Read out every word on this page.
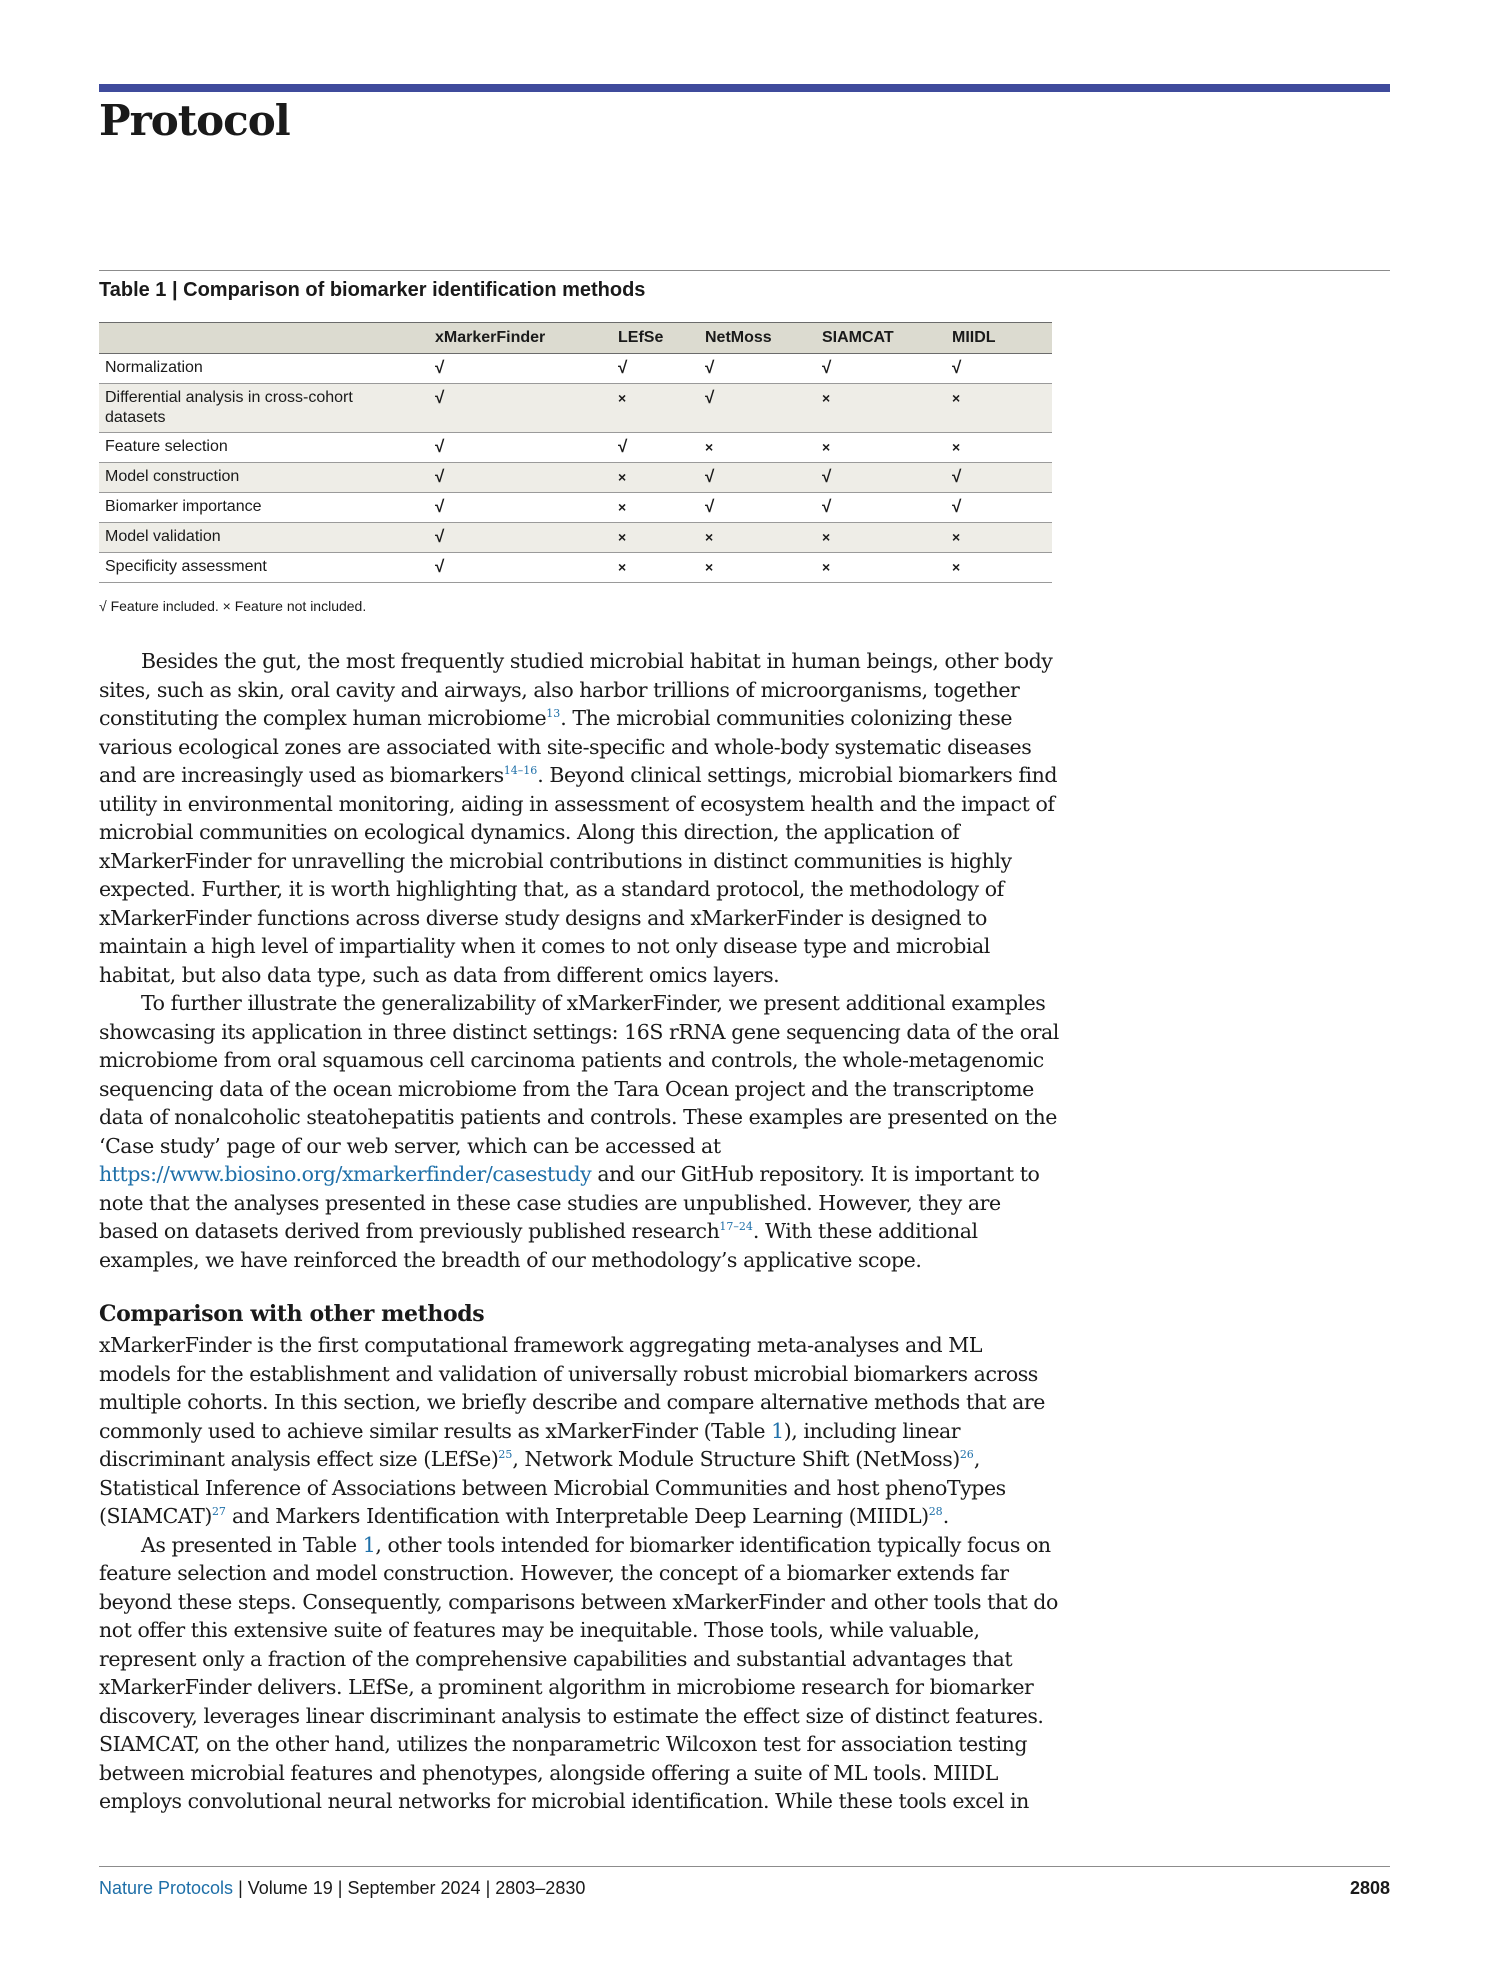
Protocol

Table 1 | Comparison of biomarker identification methods

	xMarkerFinder	LEfSe	NetMoss	SIAMCAT	MIIDL
Normalization	√	√	√	√	√
Differential analysis in cross-cohort datasets	√	×	√	×	×
Feature selection	√	√	×	×	×
Model construction	√	×	√	√	√
Biomarker importance	√	×	√	√	√
Model validation	√	×	×	×	×
Specificity assessment	√	×	×	×	×

√ Feature included. × Feature not included.

Besides the gut, the most frequently studied microbial habitat in human beings, other body sites, such as skin, oral cavity and airways, also harbor trillions of microorganisms, together constituting the complex human microbiome$^{13}$. The microbial communities colonizing these various ecological zones are associated with site-specific and whole-body systematic diseases and are increasingly used as biomarkers$^{14-16}$. Beyond clinical settings, microbial biomarkers find utility in environmental monitoring, aiding in assessment of ecosystem health and the impact of microbial communities on ecological dynamics. Along this direction, the application of xMarkerFinder for unravelling the microbial contributions in distinct communities is highly expected. Further, it is worth highlighting that, as a standard protocol, the methodology of xMarkerFinder functions across diverse study designs and xMarkerFinder is designed to maintain a high level of impartiality when it comes to not only disease type and microbial habitat, but also data type, such as data from different omics layers.

To further illustrate the generalizability of xMarkerFinder, we present additional examples showcasing its application in three distinct settings: 16S rRNA gene sequencing data of the oral microbiome from oral squamous cell carcinoma patients and controls, the whole-metagenomic sequencing data of the ocean microbiome from the Tara Ocean project and the transcriptome data of nonalcoholic steatohepatitis patients and controls. These examples are presented on the ‘Case study’ page of our web server, which can be accessed at https://www.biosino.org/xmarkerfinder/casestudy and our GitHub repository. It is important to note that the analyses presented in these case studies are unpublished. However, they are based on datasets derived from previously published research$^{17-24}$. With these additional examples, we have reinforced the breadth of our methodology’s applicative scope.

Comparison with other methods

xMarkerFinder is the first computational framework aggregating meta-analyses and ML models for the establishment and validation of universally robust microbial biomarkers across multiple cohorts. In this section, we briefly describe and compare alternative methods that are commonly used to achieve similar results as xMarkerFinder (Table 1), including linear discriminant analysis effect size (LEfSe)$^{25}$, Network Module Structure Shift (NetMoss)$^{26}$, Statistical Inference of Associations between Microbial Communities and host phenoTypes (SIAMCAT)$^{27}$ and Markers Identification with Interpretable Deep Learning (MIIDL)$^{28}$.

As presented in Table 1, other tools intended for biomarker identification typically focus on feature selection and model construction. However, the concept of a biomarker extends far beyond these steps. Consequently, comparisons between xMarkerFinder and other tools that do not offer this extensive suite of features may be inequitable. Those tools, while valuable, represent only a fraction of the comprehensive capabilities and substantial advantages that xMarkerFinder delivers. LEfSe, a prominent algorithm in microbiome research for biomarker discovery, leverages linear discriminant analysis to estimate the effect size of distinct features. SIAMCAT, on the other hand, utilizes the nonparametric Wilcoxon test for association testing between microbial features and phenotypes, alongside offering a suite of ML tools. MIIDL employs convolutional neural networks for microbial identification. While these tools excel in

Nature Protocols | Volume 19 | September 2024 | 2803–2830	2808
